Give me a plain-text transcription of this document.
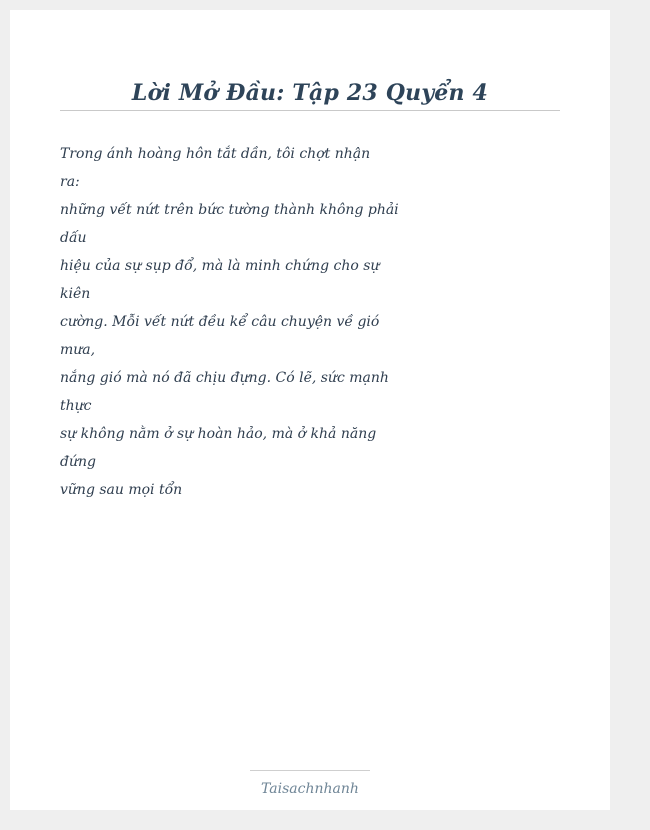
Lời Mở Đầu: Tập 23 Quyển 4
Trong ánh hoàng hôn tắt dần, tôi chợt nhận
ra:
những vết nứt trên bức tường thành không phải
dấu
hiệu của sự sụp đổ, mà là minh chứng cho sự
kiên
cường. Mỗi vết nứt đều kể câu chuyện về gió
mưa,
nắng gió mà nó đã chịu đựng. Có lẽ, sức mạnh
thực
sự không nằm ở sự hoàn hảo, mà ở khả năng
đứng
vững sau mọi tổn
Taisachnhanh
